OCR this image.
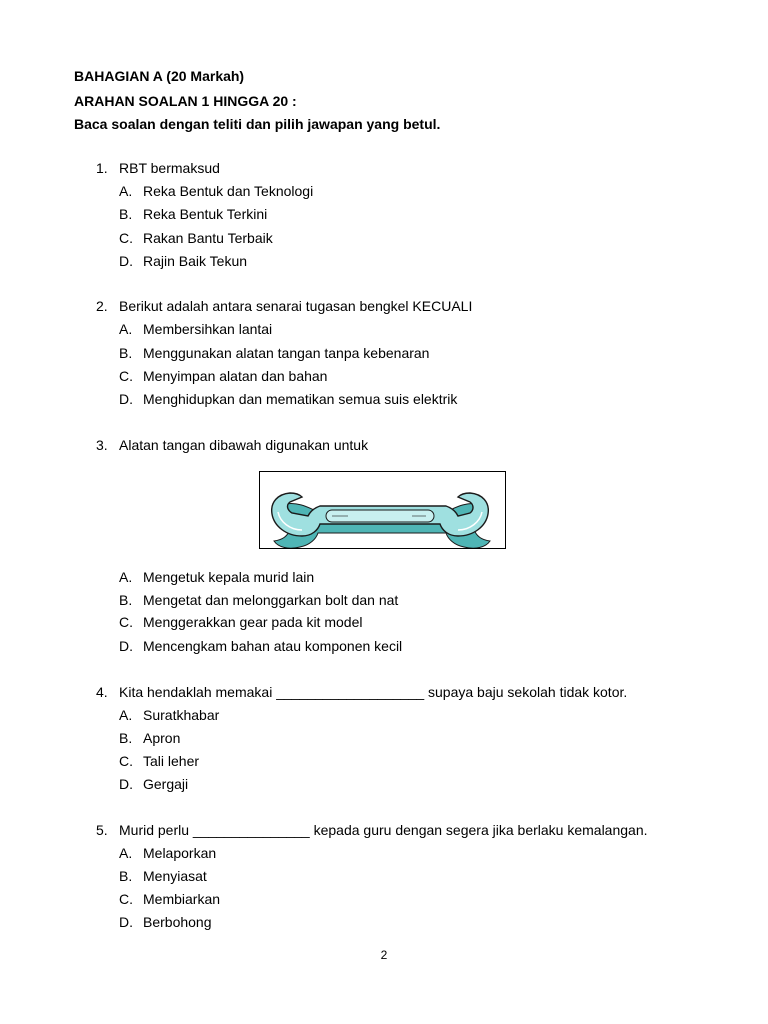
BAHAGIAN A (20 Markah)
ARAHAN SOALAN 1 HINGGA 20 :
Baca soalan dengan teliti dan pilih jawapan yang betul.
1. RBT bermaksud
A. Reka Bentuk dan Teknologi
B. Reka Bentuk Terkini
C. Rakan Bantu Terbaik
D. Rajin Baik Tekun
2. Berikut adalah antara senarai tugasan bengkel KECUALI
A. Membersihkan lantai
B. Menggunakan alatan tangan tanpa kebenaran
C. Menyimpan alatan dan bahan
D. Menghidupkan dan mematikan semua suis elektrik
3. Alatan tangan dibawah digunakan untuk
A. Mengetuk kepala murid lain
B. Mengetat dan melonggarkan bolt dan nat
C. Menggerakkan gear pada kit model
D. Mencengkam bahan atau komponen kecil
4. Kita hendaklah memakai ___________________ supaya baju sekolah tidak kotor.
A. Suratkhabar
B. Apron
C. Tali leher
D. Gergaji
5. Murid perlu _______________ kepada guru dengan segera jika berlaku kemalangan.
A. Melaporkan
B. Menyiasat
C. Membiarkan
D. Berbohong
2
